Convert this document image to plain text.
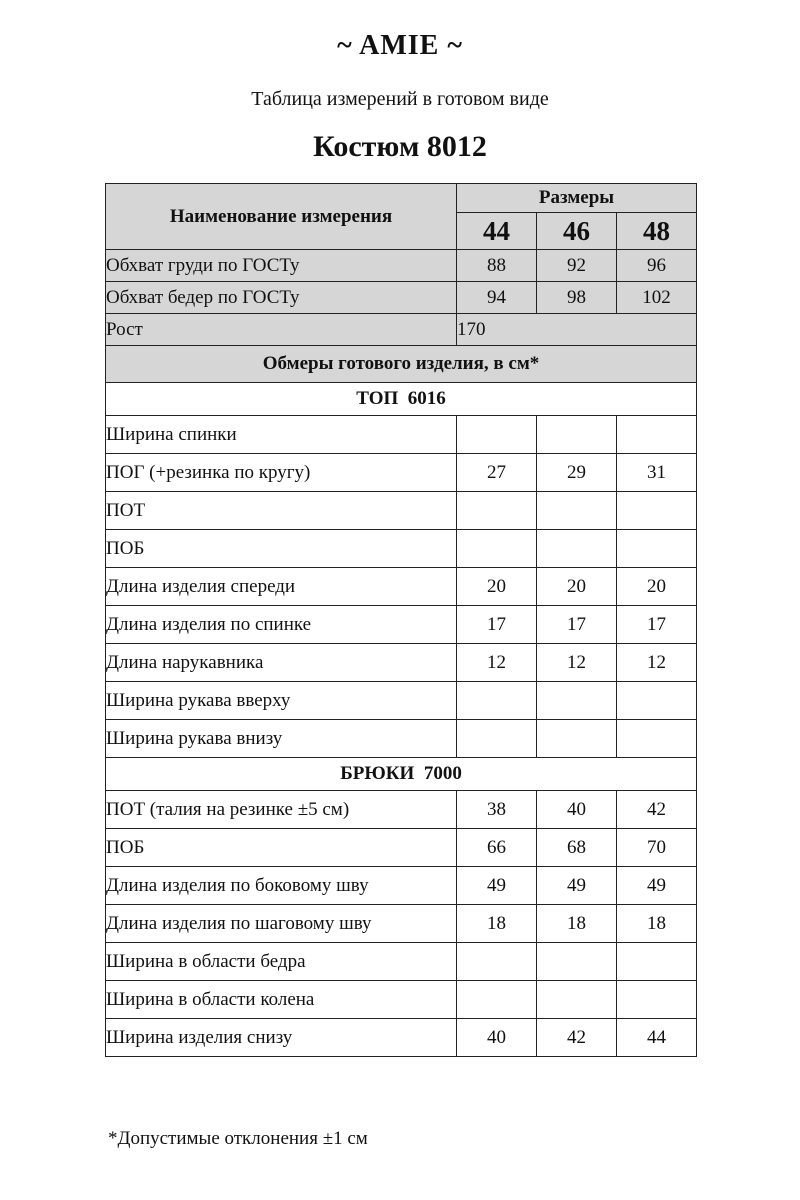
~ AMIE ~
Таблица измерений в готовом виде
Костюм 8012
Наименование измерения	Размеры		
	44	46	48
Обхват груди по ГОСТу	88	92	96
Обхват бедер по ГОСТу	94	98	102
Рост	170		
Обмеры готового изделия, в см*			
ТОП  6016			
Ширина спинки			
ПОГ (+резинка по кругу)	27	29	31
ПОТ			
ПОБ			
Длина изделия спереди	20	20	20
Длина изделия по спинке	17	17	17
Длина нарукавника	12	12	12
Ширина рукава вверху			
Ширина рукава внизу			
БРЮКИ  7000			
ПОТ (талия на резинке ±5 см)	38	40	42
ПОБ	66	68	70
Длина изделия по боковому шву	49	49	49
Длина изделия по шаговому шву	18	18	18
Ширина в области бедра			
Ширина в области колена			
Ширина изделия снизу	40	42	44
*Допустимые отклонения ±1 см
